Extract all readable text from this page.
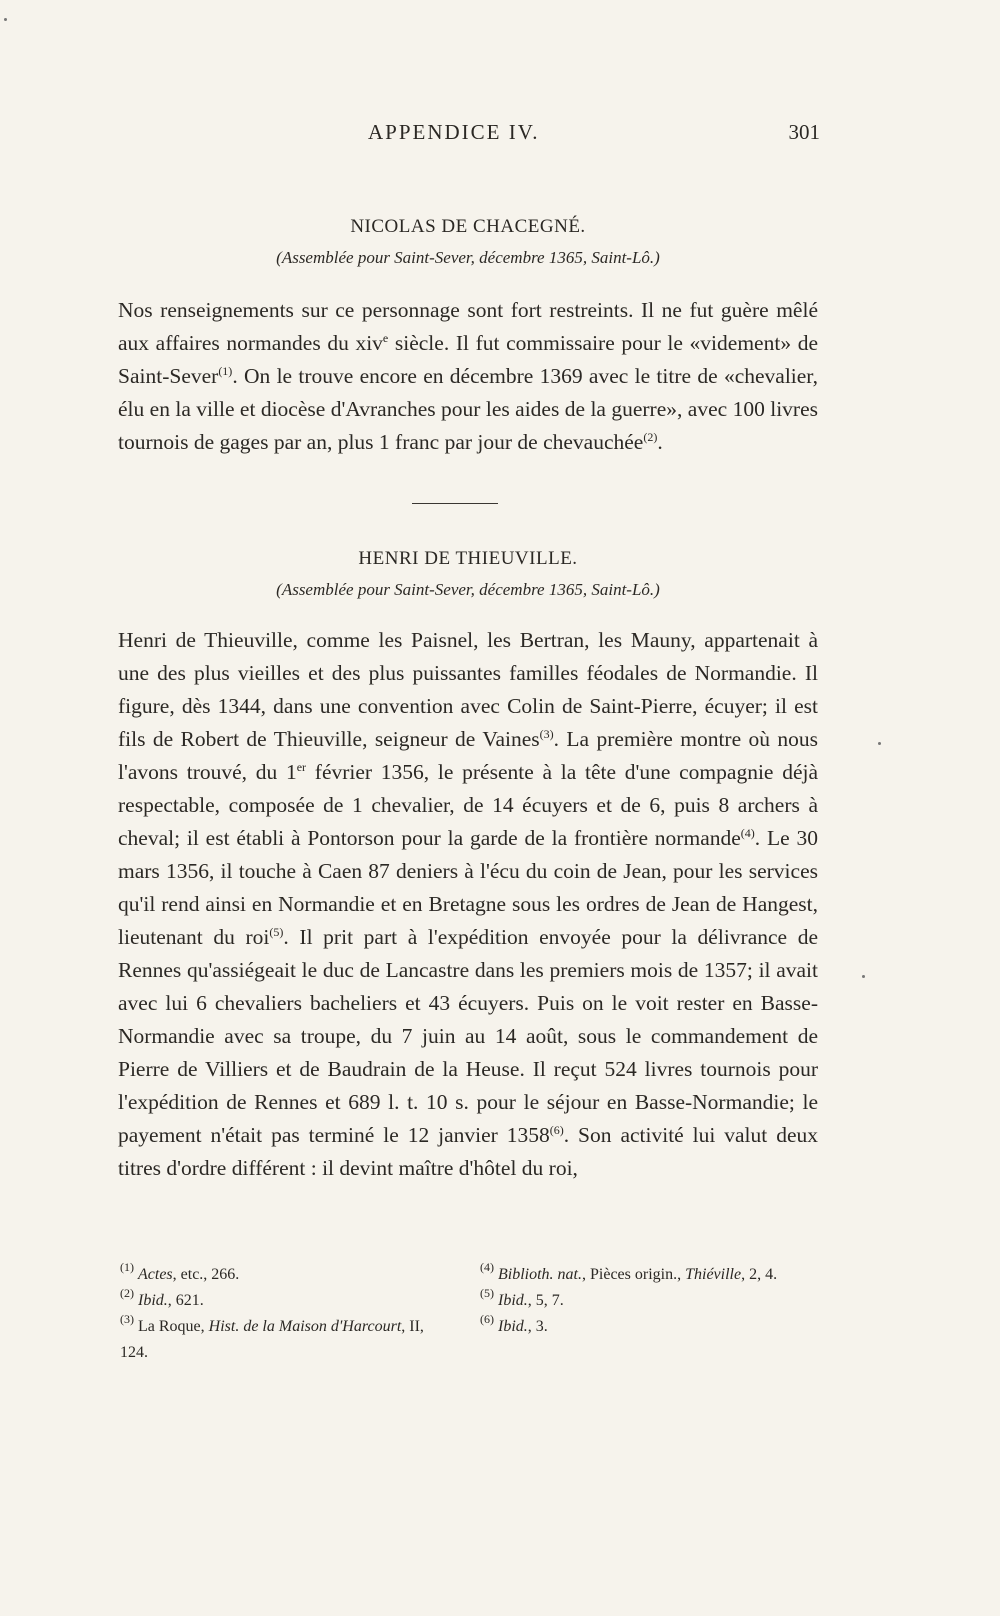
APPENDICE IV.	301
NICOLAS DE CHACEGNÉ.
(Assemblée pour Saint-Sever, décembre 1365, Saint-Lô.)

Nos renseignements sur ce personnage sont fort restreints. Il ne fut guère mêlé aux affaires normandes du xiv$^e$ siècle. Il fut commissaire pour le «videment» de Saint-Sever$^{(1)}$. On le trouve encore en décembre 1369 avec le titre de «chevalier, élu en la ville et diocèse d'Avranches pour les aides de la guerre», avec 100 livres tournois de gages par an, plus 1 franc par jour de chevauchée$^{(2)}$.

HENRI DE THIEUVILLE.
(Assemblée pour Saint-Sever, décembre 1365, Saint-Lô.)

Henri de Thieuville, comme les Paisnel, les Bertran, les Mauny, appartenait à une des plus vieilles et des plus puissantes familles féodales de Normandie. Il figure, dès 1344, dans une convention avec Colin de Saint-Pierre, écuyer; il est fils de Robert de Thieuville, seigneur de Vaines$^{(3)}$. La première montre où nous l'avons trouvé, du 1er février 1356, le présente à la tête d'une compagnie déjà respectable, composée de 1 chevalier, de 14 écuyers et de 6, puis 8 archers à cheval; il est établi à Pontorson pour la garde de la frontière normande$^{(4)}$. Le 30 mars 1356, il touche à Caen 87 deniers à l'écu du coin de Jean, pour les services qu'il rend ainsi en Normandie et en Bretagne sous les ordres de Jean de Hangest, lieutenant du roi$^{(5)}$. Il prit part à l'expédition envoyée pour la délivrance de Rennes qu'assiégeait le duc de Lancastre dans les premiers mois de 1357; il avait avec lui 6 chevaliers bacheliers et 43 écuyers. Puis on le voit rester en Basse-Normandie avec sa troupe, du 7 juin au 14 août, sous le commandement de Pierre de Villiers et de Baudrain de la Heuse. Il reçut 524 livres tournois pour l'expédition de Rennes et 689 l. t. 10 s. pour le séjour en Basse-Normandie; le payement n'était pas terminé le 12 janvier 1358$^{(6)}$. Son activité lui valut deux titres d'ordre différent : il devint maître d'hôtel du roi,

$^{(1)}$ Actes, etc., 266.
$^{(2)}$ Ibid., 621.
$^{(3)}$ La Roque, Hist. de la Maison d'Harcourt, II, 124.
$^{(4)}$ Biblioth. nat., Pièces origin., Thiéville, 2, 4.
$^{(5)}$ Ibid., 5, 7.
$^{(6)}$ Ibid., 3.
